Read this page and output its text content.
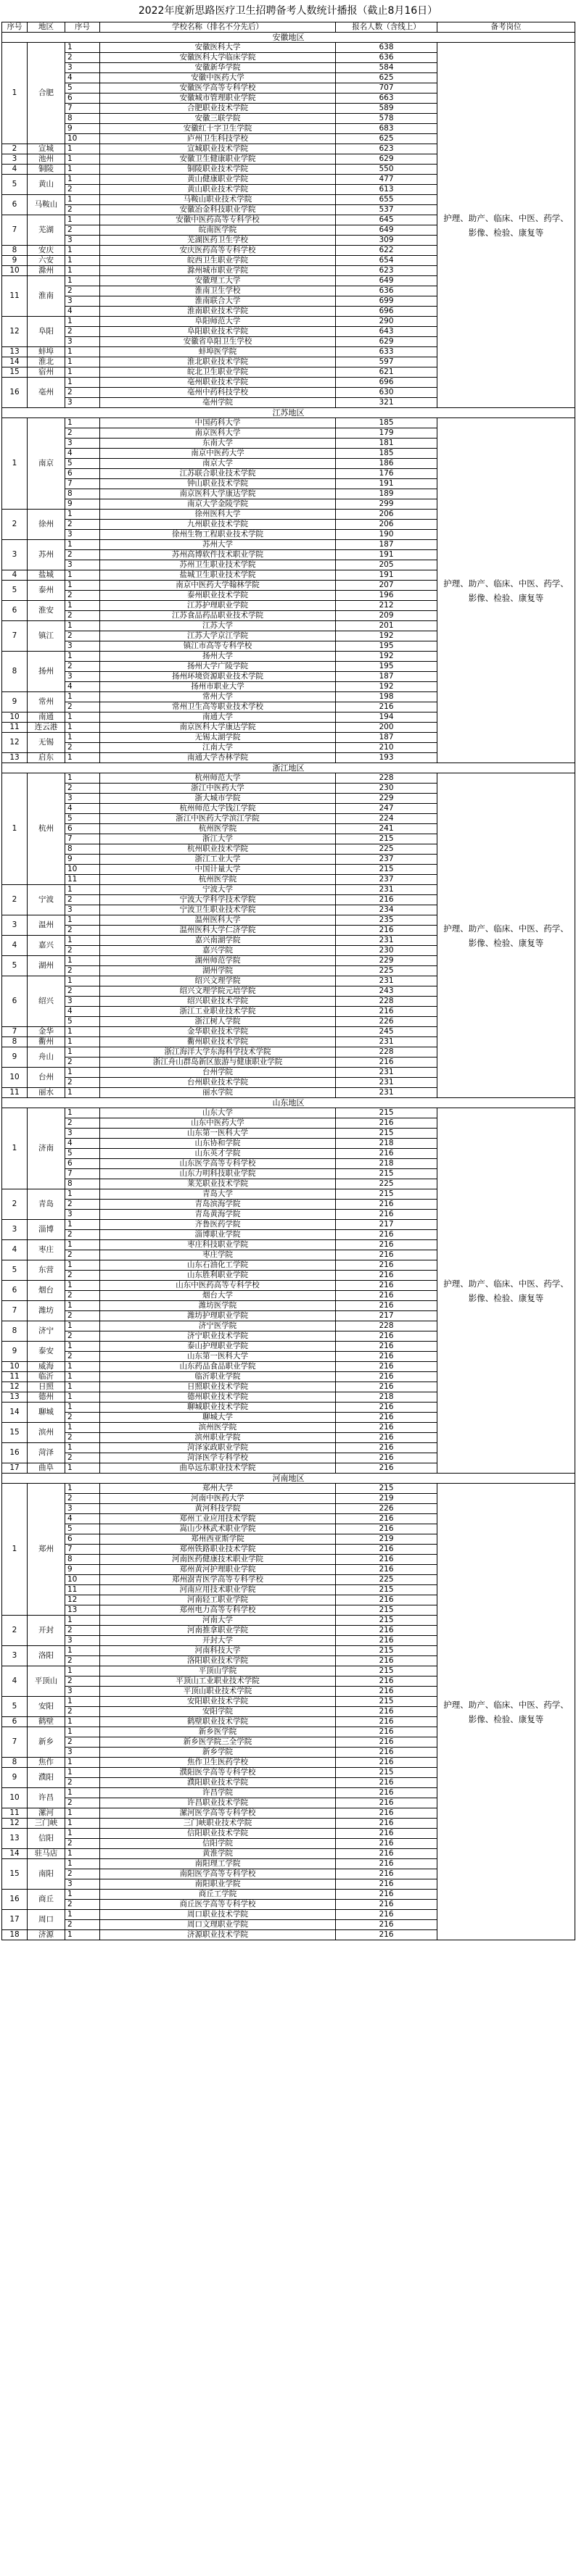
2022年度新思路医疗卫生招聘备考人数统计播报（截止8月16日）
序号	地区	序号	学校名称（排名不分先后）	报名人数（含线上）	备考岗位
安徽地区					
1	合肥	1	安徽医科大学	638	护理、助产、临床、中医、药学、影像、检验、康复等
		2	安徽医科大学临床学院	636	
		3	安徽新华学院	584	
		4	安徽中医药大学	625	
		5	安徽医学高等专科学校	707	
		6	安徽城市管理职业学院	663	
		7	合肥职业技术学院	589	
		8	安徽三联学院	578	
		9	安徽红十字卫生学院	683	
		10	庐州卫生科技学校	625	
2	宣城	1	宣城职业技术学院	623	
3	池州	1	安徽卫生健康职业学院	629	
4	铜陵	1	铜陵职业技术学院	550	
5	黄山	1	黄山健康职业学院	477	
		2	黄山职业技术学院	613	
6	马鞍山	1	马鞍山职业技术学院	655	
		2	安徽冶金科技职业学院	537	
7	芜湖	1	安徽中医药高等专科学校	645	
		2	皖南医学院	649	
		3	芜湖医药卫生学校	309	
8	安庆	1	安庆医药高等专科学校	622	
9	六安	1	皖西卫生职业学院	654	
10	滁州	1	滁州城市职业学院	623	
11	淮南	1	安徽理工大学	649	
		2	淮南卫生学校	636	
		3	淮南联合大学	699	
		4	淮南职业技术学院	696	
12	阜阳	1	阜阳师范大学	290	
		2	阜阳职业技术学院	643	
		3	安徽省阜阳卫生学校	629	
13	蚌埠	1	蚌埠医学院	633	
14	淮北	1	淮北职业技术学院	597	
15	宿州	1	皖北卫生职业学院	621	
16	亳州	1	亳州职业技术学院	696	
		2	亳州中药科技学校	630	
		3	亳州学院	321	
江苏地区					
1	南京	1	中国药科大学	185	护理、助产、临床、中医、药学、影像、检验、康复等
		2	南京医科大学	179	
		3	东南大学	181	
		4	南京中医药大学	185	
		5	南京大学	186	
		6	江苏联合职业技术学院	176	
		7	钟山职业技术学院	191	
		8	南京医科大学康达学院	189	
		9	南京大学金陵学院	299	
2	徐州	1	徐州医科大学	206	
		2	九州职业技术学院	206	
		3	徐州生物工程职业技术学院	190	
3	苏州	1	苏州大学	187	
		2	苏州高博软件技术职业学院	191	
		3	苏州卫生职业技术学院	205	
4	盐城	1	盐城卫生职业技术学院	191	
5	泰州	1	南京中医药大学翰林学院	207	
		2	泰州职业技术学院	196	
6	淮安	1	江苏护理职业学院	212	
		2	江苏食品药品职业技术学院	209	
7	镇江	1	江苏大学	201	
		2	江苏大学京江学院	192	
		3	镇江市高等专科学校	195	
8	扬州	1	扬州大学	192	
		2	扬州大学广陵学院	195	
		3	扬州环境资源职业技术学院	187	
		4	扬州市职业大学	192	
9	常州	1	常州大学	198	
		2	常州卫生高等职业技术学校	216	
10	南通	1	南通大学	194	
11	连云港	1	南京医科大学康达学院	200	
12	无锡	1	无锡太湖学院	187	
		2	江南大学	210	
13	启东	1	南通大学杏林学院	193	
浙江地区					
1	杭州	1	杭州师范大学	228	护理、助产、临床、中医、药学、影像、检验、康复等
		2	浙江中医药大学	230	
		3	浙大城市学院	229	
		4	杭州师范大学钱江学院	247	
		5	浙江中医药大学滨江学院	224	
		6	杭州医学院	241	
		7	浙江大学	215	
		8	杭州职业技术学院	225	
		9	浙江工业大学	237	
		10	中国计量大学	215	
		11	杭州医学院	237	
2	宁波	1	宁波大学	231	
		2	宁波大学科学技术学院	216	
		3	宁波卫生职业技术学院	234	
3	温州	1	温州医科大学	235	
		2	温州医科大学仁济学院	216	
4	嘉兴	1	嘉兴南湖学院	231	
		2	嘉兴学院	230	
5	湖州	1	湖州师范学院	229	
		2	湖州学院	225	
6	绍兴	1	绍兴文理学院	231	
		2	绍兴文理学院元培学院	243	
		3	绍兴职业技术学院	228	
		4	浙江工业职业技术学院	216	
		5	浙江树人学院	226	
7	金华	1	金华职业技术学院	245	
8	衢州	1	衢州职业技术学院	231	
9	舟山	1	浙江海洋大学东海科学技术学院	228	
		2	浙江舟山群岛新区旅游与健康职业学院	216	
10	台州	1	台州学院	231	
		2	台州职业技术学院	231	
11	丽水	1	丽水学院	231	
山东地区					
1	济南	1	山东大学	215	护理、助产、临床、中医、药学、影像、检验、康复等
		2	山东中医药大学	216	
		3	山东第一医科大学	215	
		4	山东协和学院	218	
		5	山东英才学院	216	
		6	山东医学高等专科学校	218	
		7	山东力明科技职业学院	215	
		8	莱芜职业技术学院	225	
2	青岛	1	青岛大学	215	
		2	青岛滨海学院	216	
		3	青岛黄海学院	216	
3	淄博	1	齐鲁医药学院	217	
		2	淄博职业学院	216	
4	枣庄	1	枣庄科技职业学院	216	
		2	枣庄学院	216	
5	东营	1	山东石油化工学院	216	
		2	山东胜利职业学院	216	
6	烟台	1	山东中医药高等专科学校	216	
		2	烟台大学	216	
7	潍坊	1	潍坊医学院	216	
		2	潍坊护理职业学院	217	
8	济宁	1	济宁医学院	228	
		2	济宁职业技术学院	216	
9	泰安	1	泰山护理职业学院	216	
		2	山东第一医科大学	216	
10	威海	1	山东药品食品职业学院	216	
11	临沂	1	临沂职业学院	216	
12	日照	1	日照职业技术学院	216	
13	德州	1	德州职业技术学院	218	
14	聊城	1	聊城职业技术学院	216	
		2	聊城大学	216	
15	滨州	1	滨州医学院	216	
		2	滨州职业学院	216	
16	菏泽	1	菏泽家政职业学院	216	
		2	菏泽医学专科学校	216	
17	曲阜	1	曲阜远东职业技术学院	216	
河南地区					
1	郑州	1	郑州大学	215	护理、助产、临床、中医、药学、影像、检验、康复等
		2	河南中医药大学	219	
		3	黄河科技学院	226	
		4	郑州工业应用技术学院	216	
		5	嵩山少林武术职业学院	216	
		6	郑州西亚斯学院	219	
		7	郑州铁路职业技术学院	216	
		8	河南医药健康技术职业学院	216	
		9	郑州黄河护理职业学院	216	
		10	郑州澍青医学高等专科学校	225	
		11	河南应用技术职业学院	215	
		12	河南轻工职业学院	216	
		13	郑州电力高等专科学校	215	
2	开封	1	河南大学	215	
		2	河南推拿职业学院	216	
		3	开封大学	216	
3	洛阳	1	河南科技大学	215	
		2	洛阳职业技术学院	216	
4	平顶山	1	平顶山学院	215	
		2	平顶山工业职业技术学院	216	
		3	平顶山职业技术学院	216	
5	安阳	1	安阳职业技术学院	215	
		2	安阳学院	216	
6	鹤壁	1	鹤壁职业技术学院	216	
7	新乡	1	新乡医学院	216	
		2	新乡医学院三全学院	216	
		3	新乡学院	216	
8	焦作	1	焦作卫生医药学校	216	
9	濮阳	1	濮阳医学高等专科学校	215	
		2	濮阳职业技术学院	216	
10	许昌	1	许昌学院	216	
		2	许昌职业技术学院	216	
11	漯河	1	漯河医学高等专科学校	216	
12	三门峡	1	三门峡职业技术学院	216	
13	信阳	1	信阳职业技术学院	216	
		2	信阳学院	216	
14	驻马店	1	黄淮学院	216	
15	南阳	1	南阳理工学院	216	
		2	南阳医学高等专科学校	216	
		3	南阳职业学院	216	
16	商丘	1	商丘工学院	216	
		2	商丘医学高等专科学校	216	
17	周口	1	周口职业技术学院	216	
		2	周口文理职业学院	216	
18	济源	1	济源职业技术学院	216	
